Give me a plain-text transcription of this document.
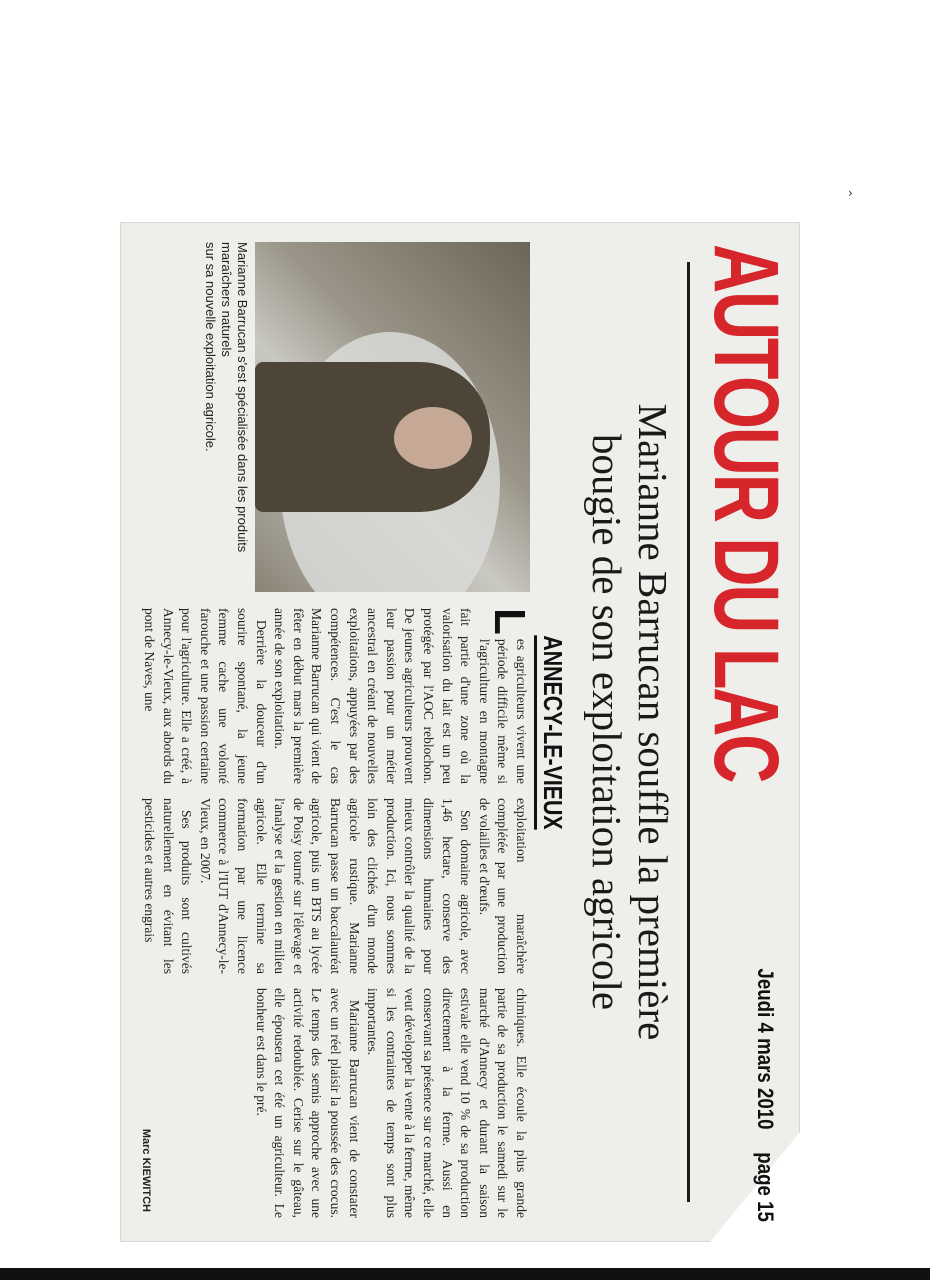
›
AUTOUR DU LAC
Jeudi 4 mars 2010
page 15
Marianne Barrucan souffle la première
bougie de son exploitation agricole
ANNECY-LE-VIEUX
Marianne Barrucan s'est spécialisée dans les produits maraîchers naturels
sur sa nouvelle exploitation agricole.

L
es agriculteurs vivent une période difficile même si l'agriculture en montagne fait partie d'une zone où la valorisation du lait est un peu protégée par l'AOC reblochon. De jeunes agriculteurs prouvent leur passion pour un métier ancestral en créant de nouvelles exploitations, appuyées par des compétences. C'est le cas Marianne Barrucan qui vient de fêter en début mars la première année de son exploitation.

Derrière la douceur d'un sourire spontané, la jeune femme cache une volonté farouche et une passion certaine pour l'agriculture. Elle a créé, à Annecy-le-Vieux, aux abords du pont de Naves, une

exploitation maraîchère complétée par une production de volailles et d'œufs.

Son domaine agricole, avec 1,46 hectare, conserve des dimensions humaines pour mieux contrôler la qualité de la production. Ici, nous sommes loin des clichés d'un monde agricole rustique. Marianne Barrucan passe un baccalauréat agricole, puis un BTS au lycée de Poisy tourné sur l'élevage et l'analyse et la gestion en milieu agricole. Elle termine sa formation par une licence commerce à l'IUT d'Annecy-le-Vieux, en 2007.

Ses produits sont cultivés naturellement en évitant les pesticides et autres engrais

chimiques. Elle écoule la plus grande partie de sa production le samedi sur le marché d'Annecy et durant la saison estivale elle vend 10 % de sa production directement à la ferme. Aussi en conservant sa présence sur ce marché, elle veut développer la vente à la ferme, même si les contraintes de temps sont plus importantes.

Marianne Barrucan vient de constater avec un réel plaisir la poussée des crocus. Le temps des semis approche avec une activité redoublée. Cerise sur le gâteau, elle épousera cet été un agriculteur. Le bonheur est dans le pré.

Marc KIEWITCH
